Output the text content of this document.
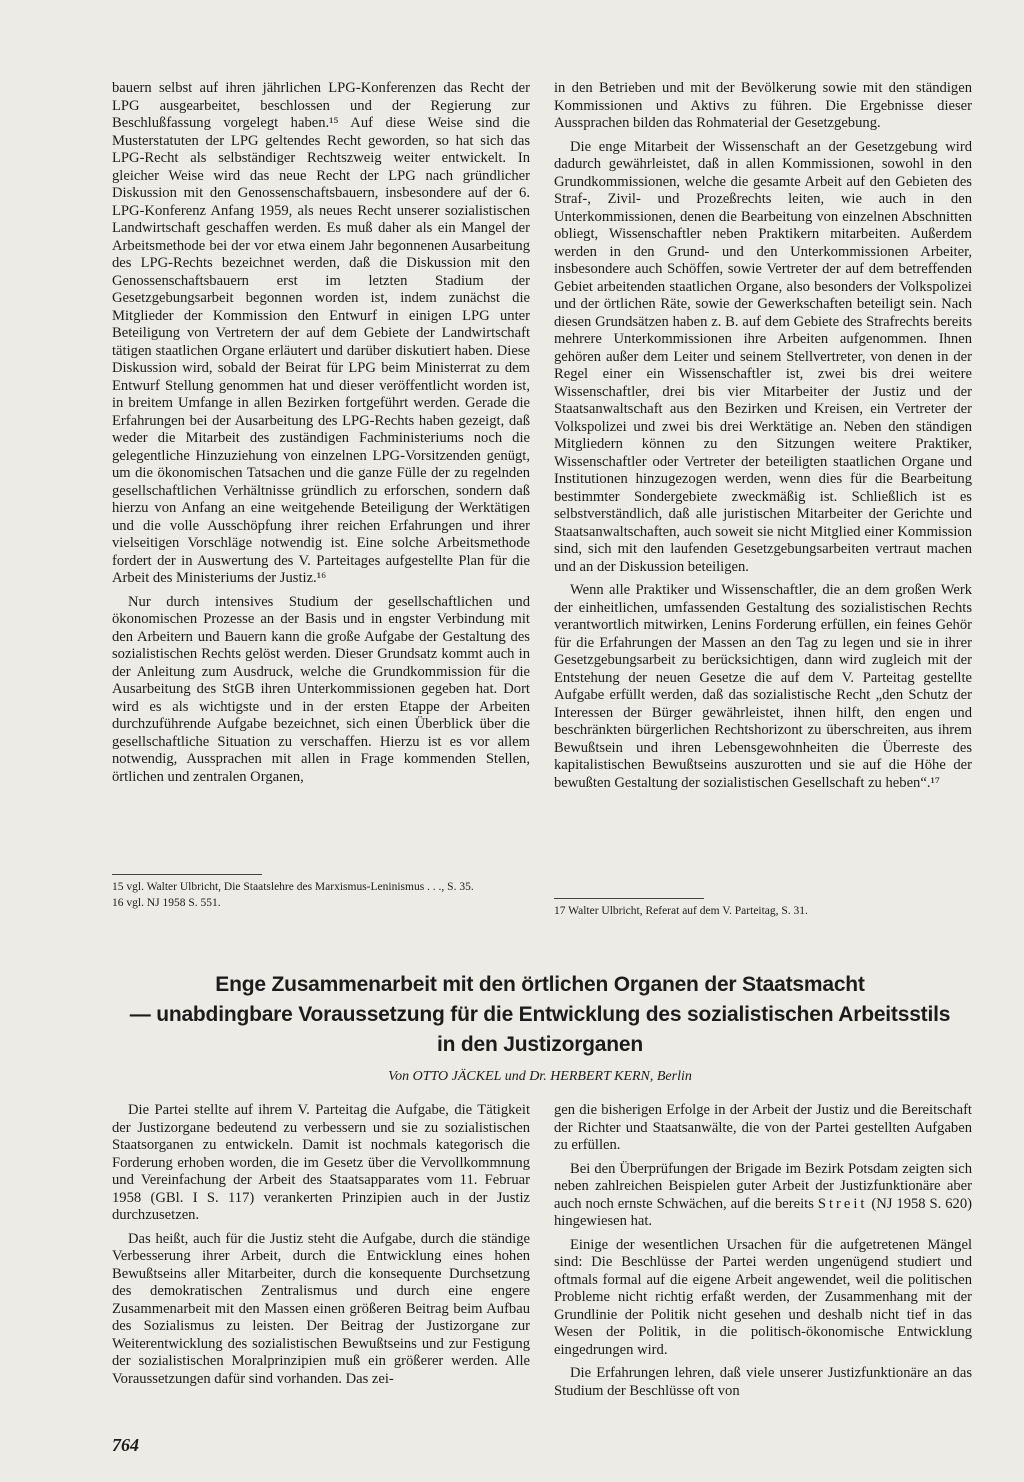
bauern selbst auf ihren jährlichen LPG-Konferenzen das Recht der LPG ausgearbeitet, beschlossen und der Regierung zur Beschlußfassung vorgelegt haben.¹⁵ Auf diese Weise sind die Musterstatuten der LPG geltendes Recht geworden, so hat sich das LPG-Recht als selbständiger Rechtszweig weiter entwickelt. In gleicher Weise wird das neue Recht der LPG nach gründlicher Diskussion mit den Genossenschaftsbauern, insbesondere auf der 6. LPG-Konferenz Anfang 1959, als neues Recht unserer sozialistischen Landwirtschaft geschaffen werden. Es muß daher als ein Mangel der Arbeitsmethode bei der vor etwa einem Jahr begonnenen Ausarbeitung des LPG-Rechts bezeichnet werden, daß die Diskussion mit den Genossenschaftsbauern erst im letzten Stadium der Gesetzgebungsarbeit begonnen worden ist, indem zunächst die Mitglieder der Kommission den Entwurf in einigen LPG unter Beteiligung von Vertretern der auf dem Gebiete der Landwirtschaft tätigen staatlichen Organe erläutert und darüber diskutiert haben. Diese Diskussion wird, sobald der Beirat für LPG beim Ministerrat zu dem Entwurf Stellung genommen hat und dieser veröffentlicht worden ist, in breitem Umfange in allen Bezirken fortgeführt werden. Gerade die Erfahrungen bei der Ausarbeitung des LPG-Rechts haben gezeigt, daß weder die Mitarbeit des zuständigen Fachministeriums noch die gelegentliche Hinzuziehung von einzelnen LPG-Vorsitzenden genügt, um die ökonomischen Tatsachen und die ganze Fülle der zu regelnden gesellschaftlichen Verhältnisse gründlich zu erforschen, sondern daß hierzu von Anfang an eine weitgehende Beteiligung der Werktätigen und die volle Ausschöpfung ihrer reichen Erfahrungen und ihrer vielseitigen Vorschläge notwendig ist. Eine solche Arbeitsmethode fordert der in Auswertung des V. Parteitages aufgestellte Plan für die Arbeit des Ministeriums der Justiz.¹⁶

Nur durch intensives Studium der gesellschaftlichen und ökonomischen Prozesse an der Basis und in engster Verbindung mit den Arbeitern und Bauern kann die große Aufgabe der Gestaltung des sozialistischen Rechts gelöst werden. Dieser Grundsatz kommt auch in der Anleitung zum Ausdruck, welche die Grundkommission für die Ausarbeitung des StGB ihren Unterkommissionen gegeben hat. Dort wird es als wichtigste und in der ersten Etappe der Arbeiten durchzuführende Aufgabe bezeichnet, sich einen Überblick über die gesellschaftliche Situation zu verschaffen. Hierzu ist es vor allem notwendig, Aussprachen mit allen in Frage kommenden Stellen, örtlichen und zentralen Organen,

15 vgl. Walter Ulbricht, Die Staatslehre des Marxismus-Leninismus . . ., S. 35.
16 vgl. NJ 1958 S. 551.

in den Betrieben und mit der Bevölkerung sowie mit den ständigen Kommissionen und Aktivs zu führen. Die Ergebnisse dieser Aussprachen bilden das Rohmaterial der Gesetzgebung.

Die enge Mitarbeit der Wissenschaft an der Gesetzgebung wird dadurch gewährleistet, daß in allen Kommissionen, sowohl in den Grundkommissionen, welche die gesamte Arbeit auf den Gebieten des Straf-, Zivil- und Prozeßrechts leiten, wie auch in den Unterkommissionen, denen die Bearbeitung von einzelnen Abschnitten obliegt, Wissenschaftler neben Praktikern mitarbeiten. Außerdem werden in den Grund- und den Unterkommissionen Arbeiter, insbesondere auch Schöffen, sowie Vertreter der auf dem betreffenden Gebiet arbeitenden staatlichen Organe, also besonders der Volkspolizei und der örtlichen Räte, sowie der Gewerkschaften beteiligt sein. Nach diesen Grundsätzen haben z. B. auf dem Gebiete des Strafrechts bereits mehrere Unterkommissionen ihre Arbeiten aufgenommen. Ihnen gehören außer dem Leiter und seinem Stellvertreter, von denen in der Regel einer ein Wissenschaftler ist, zwei bis drei weitere Wissenschaftler, drei bis vier Mitarbeiter der Justiz und der Staatsanwaltschaft aus den Bezirken und Kreisen, ein Vertreter der Volkspolizei und zwei bis drei Werktätige an. Neben den ständigen Mitgliedern können zu den Sitzungen weitere Praktiker, Wissenschaftler oder Vertreter der beteiligten staatlichen Organe und Institutionen hinzugezogen werden, wenn dies für die Bearbeitung bestimmter Sondergebiete zweckmäßig ist. Schließlich ist es selbstverständlich, daß alle juristischen Mitarbeiter der Gerichte und Staatsanwaltschaften, auch soweit sie nicht Mitglied einer Kommission sind, sich mit den laufenden Gesetzgebungsarbeiten vertraut machen und an der Diskussion beteiligen.

Wenn alle Praktiker und Wissenschaftler, die an dem großen Werk der einheitlichen, umfassenden Gestaltung des sozialistischen Rechts verantwortlich mitwirken, Lenins Forderung erfüllen, ein feines Gehör für die Erfahrungen der Massen an den Tag zu legen und sie in ihrer Gesetzgebungsarbeit zu berücksichtigen, dann wird zugleich mit der Entstehung der neuen Gesetze die auf dem V. Parteitag gestellte Aufgabe erfüllt werden, daß das sozialistische Recht „den Schutz der Interessen der Bürger gewährleistet, ihnen hilft, den engen und beschränkten bürgerlichen Rechtshorizont zu überschreiten, aus ihrem Bewußtsein und ihren Lebensgewohnheiten die Überreste des kapitalistischen Bewußtseins auszurotten und sie auf die Höhe der bewußten Gestaltung der sozialistischen Gesellschaft zu heben“.¹⁷

17 Walter Ulbricht, Referat auf dem V. Parteitag, S. 31.
Enge Zusammenarbeit mit den örtlichen Organen der Staatsmacht
— unabdingbare Voraussetzung für die Entwicklung des sozialistischen Arbeitsstils
in den Justizorganen
Von OTTO JÄCKEL und Dr. HERBERT KERN, Berlin

Die Partei stellte auf ihrem V. Parteitag die Aufgabe, die Tätigkeit der Justizorgane bedeutend zu verbessern und sie zu sozialistischen Staatsorganen zu entwickeln. Damit ist nochmals kategorisch die Forderung erhoben worden, die im Gesetz über die Vervollkommnung und Vereinfachung der Arbeit des Staatsapparates vom 11. Februar 1958 (GBl. I S. 117) verankerten Prinzipien auch in der Justiz durchzusetzen.

Das heißt, auch für die Justiz steht die Aufgabe, durch die ständige Verbesserung ihrer Arbeit, durch die Entwicklung eines hohen Bewußtseins aller Mitarbeiter, durch die konsequente Durchsetzung des demokratischen Zentralismus und durch eine engere Zusammenarbeit mit den Massen einen größeren Beitrag beim Aufbau des Sozialismus zu leisten. Der Beitrag der Justizorgane zur Weiterentwicklung des sozialistischen Bewußtseins und zur Festigung der sozialistischen Moralprinzipien muß ein größerer werden. Alle Voraussetzungen dafür sind vorhanden. Das zei-

gen die bisherigen Erfolge in der Arbeit der Justiz und die Bereitschaft der Richter und Staatsanwälte, die von der Partei gestellten Aufgaben zu erfüllen.

Bei den Überprüfungen der Brigade im Bezirk Potsdam zeigten sich neben zahlreichen Beispielen guter Arbeit der Justizfunktionäre aber auch noch ernste Schwächen, auf die bereits Streit (NJ 1958 S. 620) hingewiesen hat.

Einige der wesentlichen Ursachen für die aufgetretenen Mängel sind: Die Beschlüsse der Partei werden ungenügend studiert und oftmals formal auf die eigene Arbeit angewendet, weil die politischen Probleme nicht richtig erfaßt werden, der Zusammenhang mit der Grundlinie der Politik nicht gesehen und deshalb nicht tief in das Wesen der Politik, in die politisch-ökonomische Entwicklung eingedrungen wird.

Die Erfahrungen lehren, daß viele unserer Justizfunktionäre an das Studium der Beschlüsse oft von

764
